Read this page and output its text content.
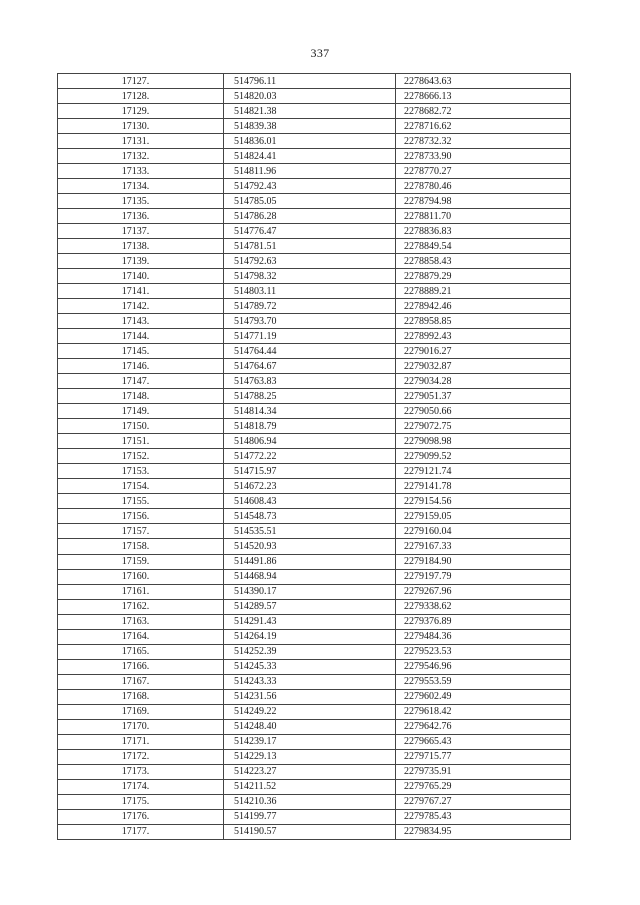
337
17127.	514796.11	2278643.63
17128.	514820.03	2278666.13
17129.	514821.38	2278682.72
17130.	514839.38	2278716.62
17131.	514836.01	2278732.32
17132.	514824.41	2278733.90
17133.	514811.96	2278770.27
17134.	514792.43	2278780.46
17135.	514785.05	2278794.98
17136.	514786.28	2278811.70
17137.	514776.47	2278836.83
17138.	514781.51	2278849.54
17139.	514792.63	2278858.43
17140.	514798.32	2278879.29
17141.	514803.11	2278889.21
17142.	514789.72	2278942.46
17143.	514793.70	2278958.85
17144.	514771.19	2278992.43
17145.	514764.44	2279016.27
17146.	514764.67	2279032.87
17147.	514763.83	2279034.28
17148.	514788.25	2279051.37
17149.	514814.34	2279050.66
17150.	514818.79	2279072.75
17151.	514806.94	2279098.98
17152.	514772.22	2279099.52
17153.	514715.97	2279121.74
17154.	514672.23	2279141.78
17155.	514608.43	2279154.56
17156.	514548.73	2279159.05
17157.	514535.51	2279160.04
17158.	514520.93	2279167.33
17159.	514491.86	2279184.90
17160.	514468.94	2279197.79
17161.	514390.17	2279267.96
17162.	514289.57	2279338.62
17163.	514291.43	2279376.89
17164.	514264.19	2279484.36
17165.	514252.39	2279523.53
17166.	514245.33	2279546.96
17167.	514243.33	2279553.59
17168.	514231.56	2279602.49
17169.	514249.22	2279618.42
17170.	514248.40	2279642.76
17171.	514239.17	2279665.43
17172.	514229.13	2279715.77
17173.	514223.27	2279735.91
17174.	514211.52	2279765.29
17175.	514210.36	2279767.27
17176.	514199.77	2279785.43
17177.	514190.57	2279834.95
